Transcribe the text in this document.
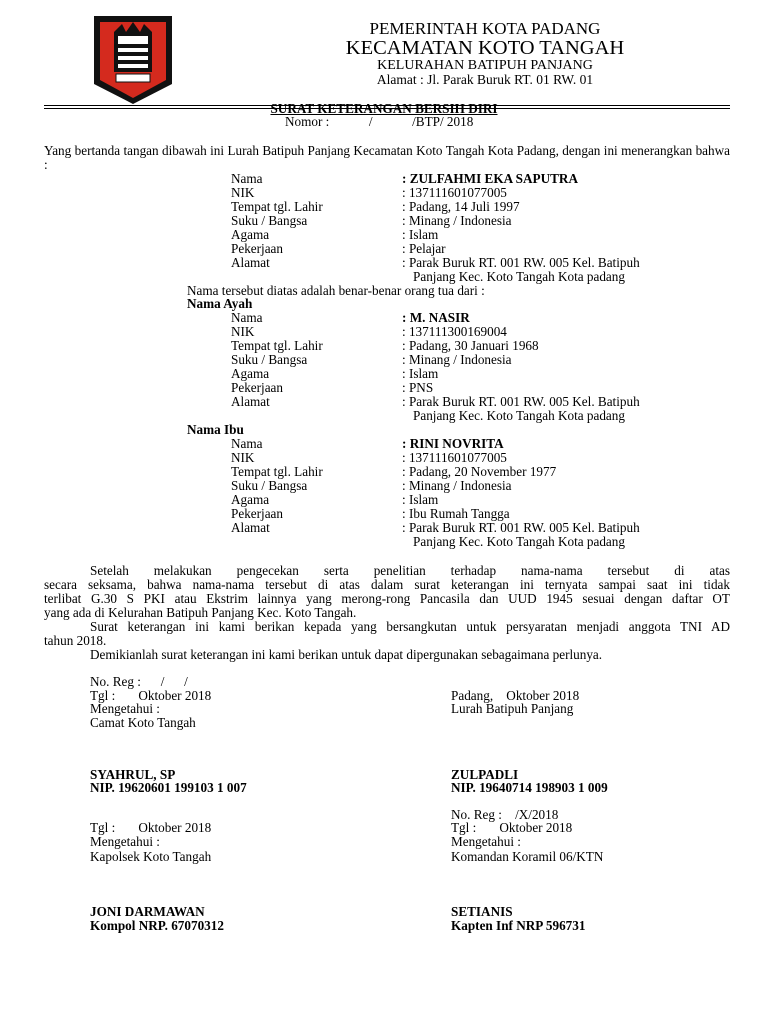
PEMERINTAH KOTA PADANG
KECAMATAN KOTO TANGAH
KELURAHAN BATIPUH PANJANG
Alamat : Jl. Parak Buruk RT. 01 RW. 01
SURAT KETERANGAN BERSIH DIRI
Nomor :            /            /BTP/ 2018
Yang bertanda tangan dibawah ini Lurah Batipuh Panjang Kecamatan Koto Tangah Kota Padang, dengan ini menerangkan bahwa :
Nama	: ZULFAHMI EKA SAPUTRA
NIK	: 137111601077005
Tempat tgl. Lahir	: Padang, 14 Juli 1997
Suku / Bangsa	: Minang / Indonesia
Agama	: Islam
Pekerjaan	: Pelajar
Alamat	: Parak Buruk RT. 001 RW. 005 Kel. Batipuh
Panjang Kec. Koto Tangah Kota padang
Nama tersebut diatas adalah benar-benar orang tua dari :
Nama Ayah
Nama	: M. NASIR
NIK	: 137111300169004
Tempat tgl. Lahir	: Padang, 30 Januari 1968
Suku / Bangsa	: Minang / Indonesia
Agama	: Islam
Pekerjaan	: PNS
Alamat	: Parak Buruk RT. 001 RW. 005 Kel. Batipuh
Panjang Kec. Koto Tangah Kota padang
Nama Ibu
Nama	: RINI NOVRITA
NIK	: 137111601077005
Tempat tgl. Lahir	: Padang, 20 November 1977
Suku / Bangsa	: Minang / Indonesia
Agama	: Islam
Pekerjaan	: Ibu Rumah Tangga
Alamat	: Parak Buruk RT. 001 RW. 005 Kel. Batipuh
Panjang Kec. Koto Tangah Kota padang
Setelah melakukan pengecekan serta penelitian terhadap nama-nama tersebut di atas
secara seksama, bahwa nama-nama tersebut di atas dalam surat keterangan ini ternyata sampai saat ini tidak
terlibat G.30 S PKI atau Ekstrim lainnya yang merong-rong Pancasila dan UUD 1945 sesuai dengan daftar OT
yang ada di Kelurahan Batipuh Panjang Kec. Koto Tangah.
Surat keterangan ini kami berikan kepada yang bersangkutan untuk persyaratan menjadi anggota TNI AD
tahun 2018.
Demikianlah surat keterangan ini kami berikan untuk dapat dipergunakan sebagaimana perlunya.
No. Reg :      /      /
Tgl :       Oktober 2018
Mengetahui :
Camat Koto Tangah
SYAHRUL, SP
NIP. 19620601 199103 1 007
Padang,    Oktober 2018
Lurah Batipuh Panjang
ZULPADLI
NIP. 19640714 198903 1 009
Tgl :       Oktober 2018
Mengetahui :
Kapolsek Koto Tangah
JONI DARMAWAN
Kompol NRP. 67070312
No. Reg :    /X/2018
Tgl :       Oktober 2018
Mengetahui :
Komandan Koramil 06/KTN
SETIANIS
Kapten Inf NRP 596731
